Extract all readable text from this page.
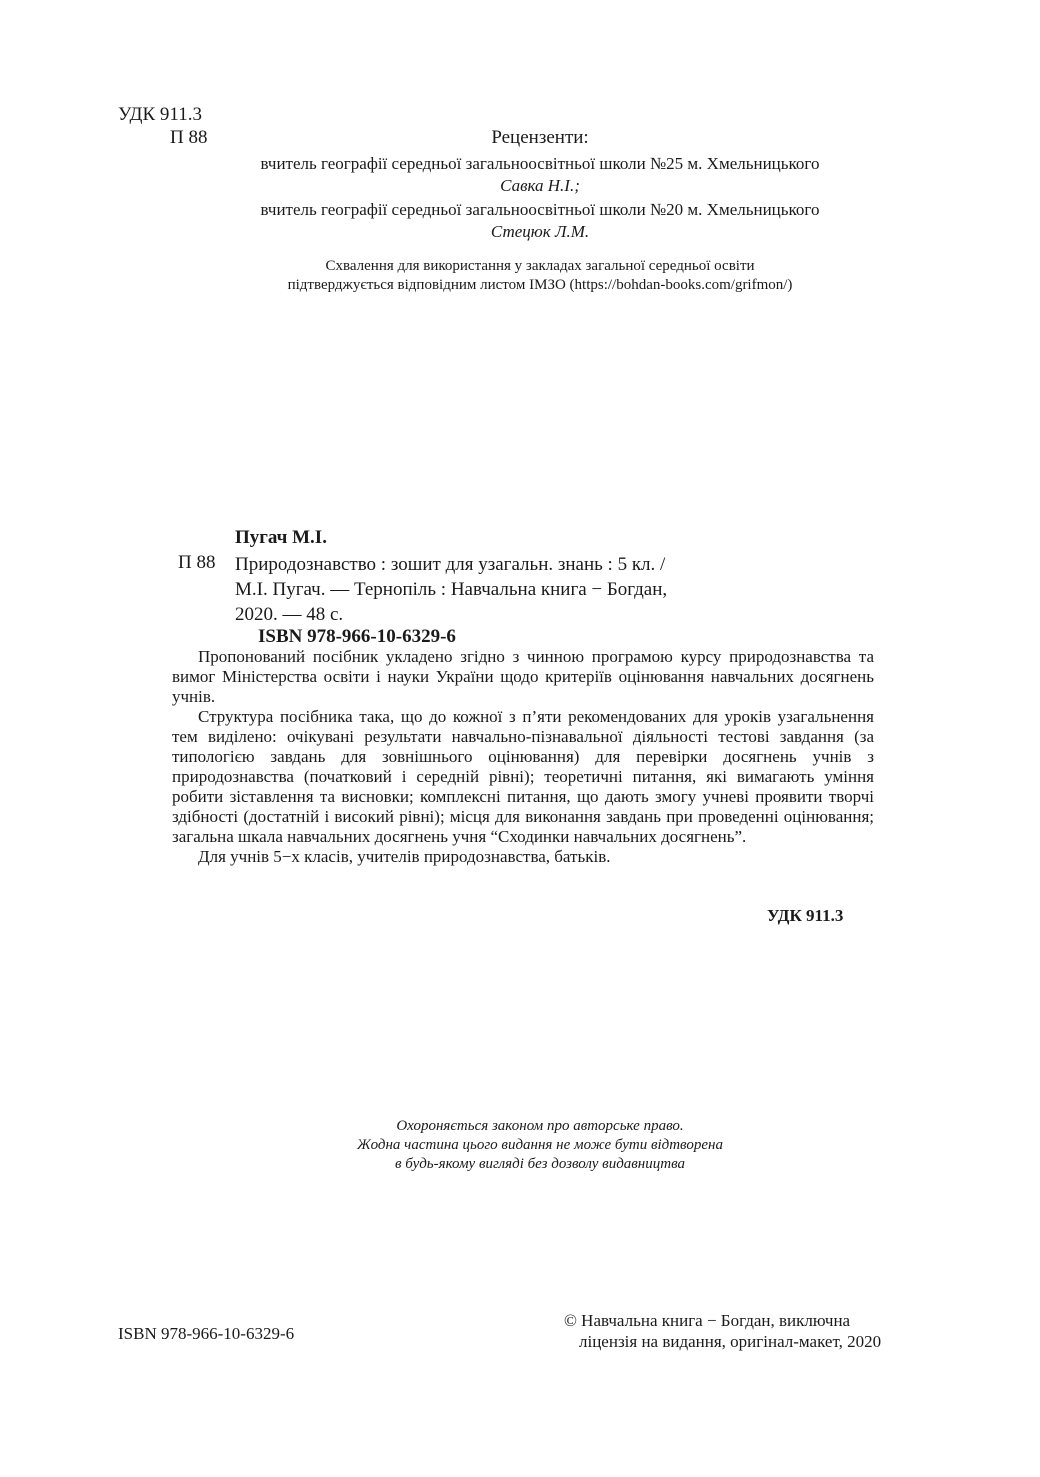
УДК 911.3
П 88	Рецензенти:
вчитель географії середньої загальноосвітньої школи №25 м. Хмельницького
Савка Н.І.;
вчитель географії середньої загальноосвітньої школи №20 м. Хмельницького
Стецюк Л.М.
Схвалення для використання у закладах загальної середньої освіти
підтверджується відповідним листом ІМЗО (https://bohdan-books.com/grifmon/)
Пугач М.І.
П 88 Природознавство : зошит для узагальн. знань : 5 кл. /
М.І. Пугач. — Тернопіль : Навчальна книга − Богдан,
2020. — 48 с.
ISBN 978-966-10-6329-6

Пропонований посібник укладено згідно з чинною програмою курсу природознавства та вимог Міністерства освіти і науки України щодо критеріїв оцінювання навчальних досягнень учнів.

Структура посібника така, що до кожної з п’яти рекомендованих для уроків узагальнення тем виділено: очікувані результати навчально-пізнавальної діяльності тестові завдання (за типологією завдань для зовнішнього оцінювання) для перевірки досягнень учнів з природознавства (початковий і середній рівні); теоретичні питання, які вимагають уміння робити зіставлення та висновки; комплексні питання, що дають змогу учневі проявити творчі здібності (достатній і високий рівні); місця для виконання завдань при проведенні оцінювання; загальна шкала навчальних досягнень учня “Сходинки навчальних досягнень”.

Для учнів 5−х класів, учителів природознавства, батьків.

УДК 911.3
Охороняється законом про авторське право.
Жодна частина цього видання не може бути відтворена
в будь-якому вигляді без дозволу видавництва
ISBN 978-966-10-6329-6
© Навчальна книга − Богдан, виключна
ліцензія на видання, оригінал-макет, 2020
